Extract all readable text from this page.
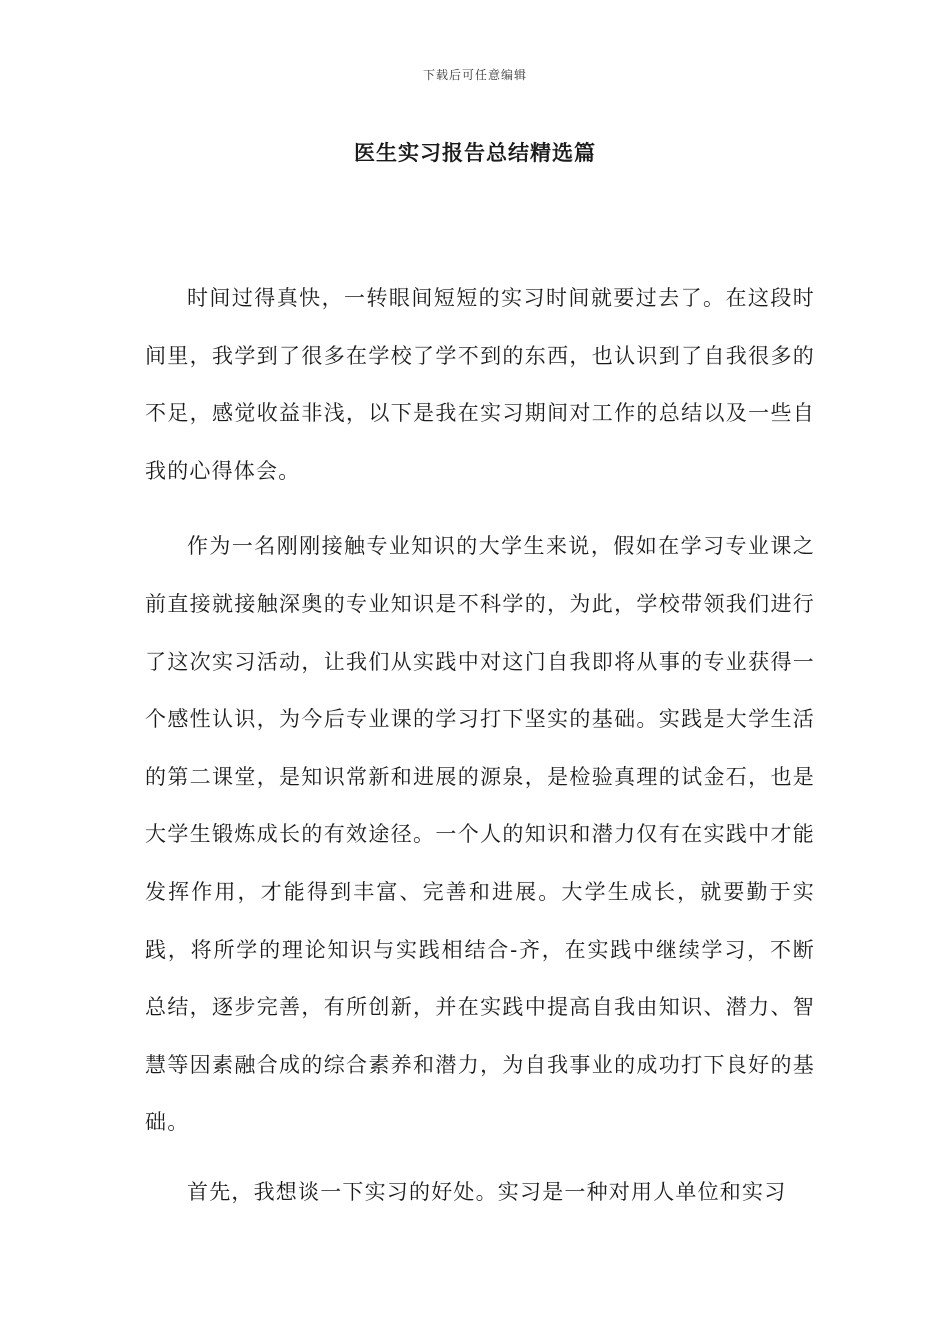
下载后可任意编辑
医生实习报告总结精选篇

时间过得真快，一转眼间短短的实习时间就要过去了。在这段时间里，我学到了很多在学校了学不到的东西，也认识到了自我很多的不足，感觉收益非浅，以下是我在实习期间对工作的总结以及一些自我的心得体会。

作为一名刚刚接触专业知识的大学生来说，假如在学习专业课之前直接就接触深奥的专业知识是不科学的，为此，学校带领我们进行了这次实习活动，让我们从实践中对这门自我即将从事的专业获得一个感性认识，为今后专业课的学习打下坚实的基础。实践是大学生活的第二课堂，是知识常新和进展的源泉，是检验真理的试金石，也是大学生锻炼成长的有效途径。一个人的知识和潜力仅有在实践中才能发挥作用，才能得到丰富、完善和进展。大学生成长，就要勤于实践，将所学的理论知识与实践相结合-齐，在实践中继续学习，不断总结，逐步完善，有所创新，并在实践中提高自我由知识、潜力、智慧等因素融合成的综合素养和潜力，为自我事业的成功打下良好的基础。

首先，我想谈一下实习的好处。实习是一种对用人单位和实习
